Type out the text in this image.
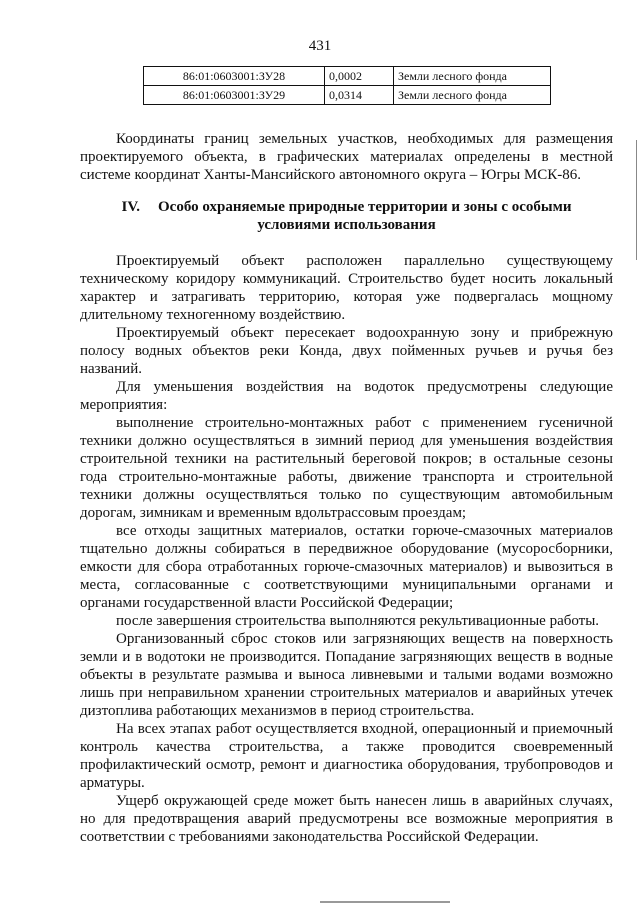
431
86:01:0603001:ЗУ28	0,0002	Земли лесного фонда
86:01:0603001:ЗУ29	0,0314	Земли лесного фонда

Координаты границ земельных участков, необходимых для размещения проектируемого объекта, в графических материалах определены в местной системе координат Ханты-Мансийского автономного округа – Югры МСК-86.

IV. Особо охраняемые природные территории и зоны с особыми
условиями использования

Проектируемый объект расположен параллельно существующему техническому коридору коммуникаций. Строительство будет носить локальный характер и затрагивать территорию, которая уже подвергалась мощному длительному техногенному воздействию.

Проектируемый объект пересекает водоохранную зону и прибрежную полосу водных объектов реки Конда, двух пойменных ручьев и ручья без названий.

Для уменьшения воздействия на водоток предусмотрены следующие мероприятия:

выполнение строительно-монтажных работ с применением гусеничной техники должно осуществляться в зимний период для уменьшения воздействия строительной техники на растительный береговой покров; в остальные сезоны года строительно-монтажные работы, движение транспорта и строительной техники должны осуществляться только по существующим автомобильным дорогам, зимникам и временным вдольтрассовым проездам;

все отходы защитных материалов, остатки горюче-смазочных материалов тщательно должны собираться в передвижное оборудование (мусоросборники, емкости для сбора отработанных горюче-смазочных материалов) и вывозиться в места, согласованные с соответствующими муниципальными органами и органами государственной власти Российской Федерации;

после завершения строительства выполняются рекультивационные работы.

Организованный сброс стоков или загрязняющих веществ на поверхность земли и в водотоки не производится. Попадание загрязняющих веществ в водные объекты в результате размыва и выноса ливневыми и талыми водами возможно лишь при неправильном хранении строительных материалов и аварийных утечек дизтоплива работающих механизмов в период строительства.

На всех этапах работ осуществляется входной, операционный и приемочный контроль качества строительства, а также проводится своевременный профилактический осмотр, ремонт и диагностика оборудования, трубопроводов и арматуры.

Ущерб окружающей среде может быть нанесен лишь в аварийных случаях, но для предотвращения аварий предусмотрены все возможные мероприятия в соответствии с требованиями законодательства Российской Федерации.
